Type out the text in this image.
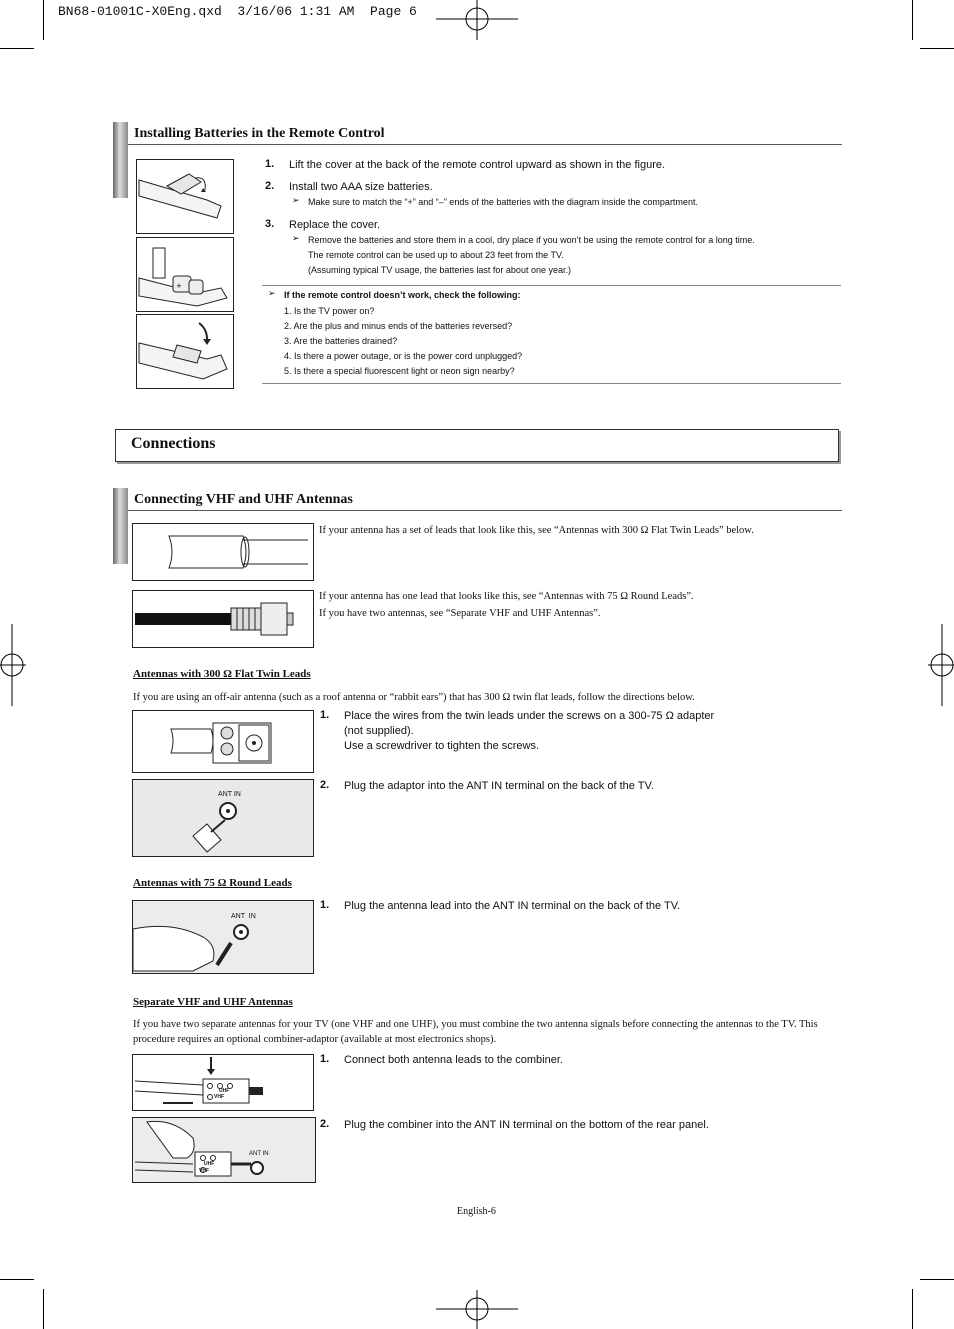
BN68-01001C-X0Eng.qxd  3/16/06 1:31 AM  Page 6
Installing Batteries in the Remote Control
+
1. Lift the cover at the back of the remote control upward as shown in the figure.
2. Install two AAA size batteries.
➢ Make sure to match the “+” and “–” ends of the batteries with the diagram inside the compartment.
3. Replace the cover.
➢ Remove the batteries and store them in a cool, dry place if you won’t be using the remote control for a long time.
The remote control can be used up to about 23 feet from the TV.
(Assuming typical TV usage, the batteries last for about one year.)
➢ If the remote control doesn’t work, check the following:
1. Is the TV power on?
2. Are the plus and minus ends of the batteries reversed?
3. Are the batteries drained?
4. Is there a power outage, or is the power cord unplugged?
5. Is there a special fluorescent light or neon sign nearby?
Connections
Connecting VHF and UHF Antennas
If your antenna has a set of leads that look like this, see “Antennas with 300 Ω Flat Twin Leads” below.
If your antenna has one lead that looks like this, see “Antennas with 75 Ω Round Leads”.
If you have two antennas, see “Separate VHF and UHF Antennas”.
Antennas with 300 Ω Flat Twin Leads
If you are using an off-air antenna (such as a roof antenna or “rabbit ears”) that has 300 Ω twin flat leads, follow the directions below.
1. Place the wires from the twin leads under the screws on a 300-75 Ω adapter
(not supplied).
Use a screwdriver to tighten the screws.
ANT IN
2. Plug the adaptor into the ANT IN terminal on the back of the TV.
Antennas with 75 Ω Round Leads
ANT  IN
1. Plug the antenna lead into the ANT IN terminal on the back of the TV.
Separate VHF and UHF Antennas
If you have two separate antennas for your TV (one VHF and one UHF), you must combine the two antenna signals before connecting the antennas to the TV. This procedure requires an optional combiner-adaptor (available at most electronics shops).
UHF
VHF
1. Connect both antenna leads to the combiner.
UHF
VHF
ANT IN
2. Plug the combiner into the ANT IN terminal on the bottom of the rear panel.
English-6
